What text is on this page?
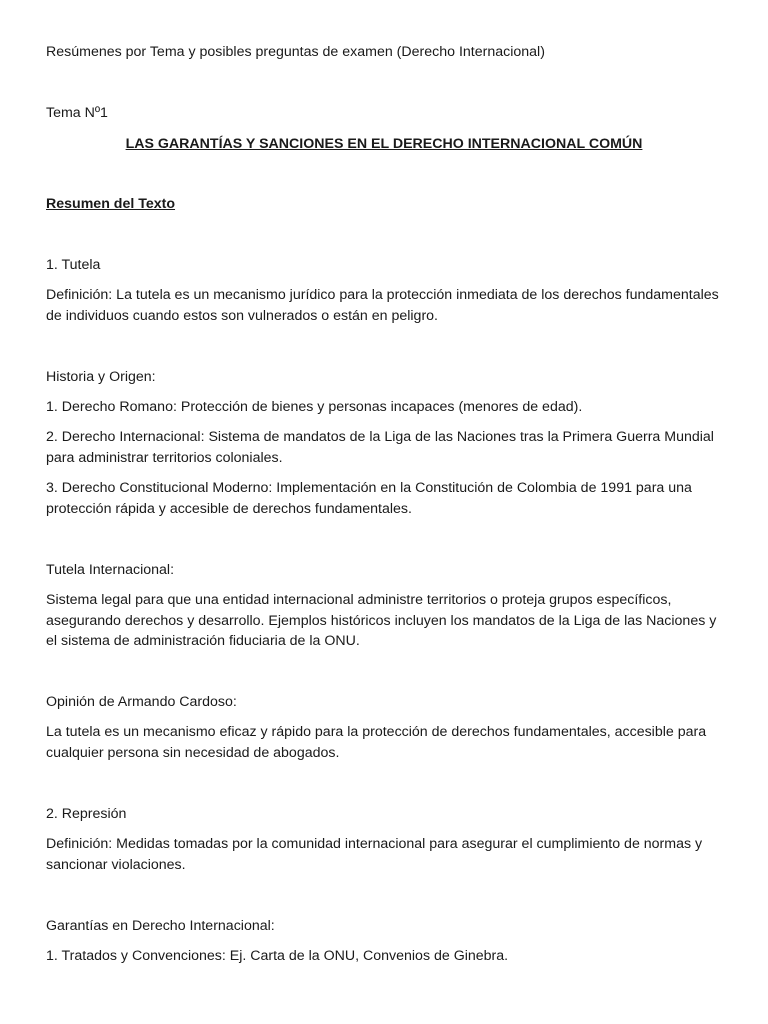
Resúmenes por Tema y posibles preguntas de examen (Derecho Internacional)

Tema Nº1

LAS GARANTÍAS Y SANCIONES EN EL DERECHO INTERNACIONAL COMÚN

Resumen del Texto

1. Tutela

Definición: La tutela es un mecanismo jurídico para la protección inmediata de los derechos fundamentales de individuos cuando estos son vulnerados o están en peligro.

Historia y Origen:

1. Derecho Romano: Protección de bienes y personas incapaces (menores de edad).

2. Derecho Internacional: Sistema de mandatos de la Liga de las Naciones tras la Primera Guerra Mundial para administrar territorios coloniales.

3. Derecho Constitucional Moderno: Implementación en la Constitución de Colombia de 1991 para una protección rápida y accesible de derechos fundamentales.

Tutela Internacional:

Sistema legal para que una entidad internacional administre territorios o proteja grupos específicos, asegurando derechos y desarrollo. Ejemplos históricos incluyen los mandatos de la Liga de las Naciones y el sistema de administración fiduciaria de la ONU.

Opinión de Armando Cardoso:

La tutela es un mecanismo eficaz y rápido para la protección de derechos fundamentales, accesible para cualquier persona sin necesidad de abogados.

2. Represión

Definición: Medidas tomadas por la comunidad internacional para asegurar el cumplimiento de normas y sancionar violaciones.

Garantías en Derecho Internacional:

1. Tratados y Convenciones: Ej. Carta de la ONU, Convenios de Ginebra.
